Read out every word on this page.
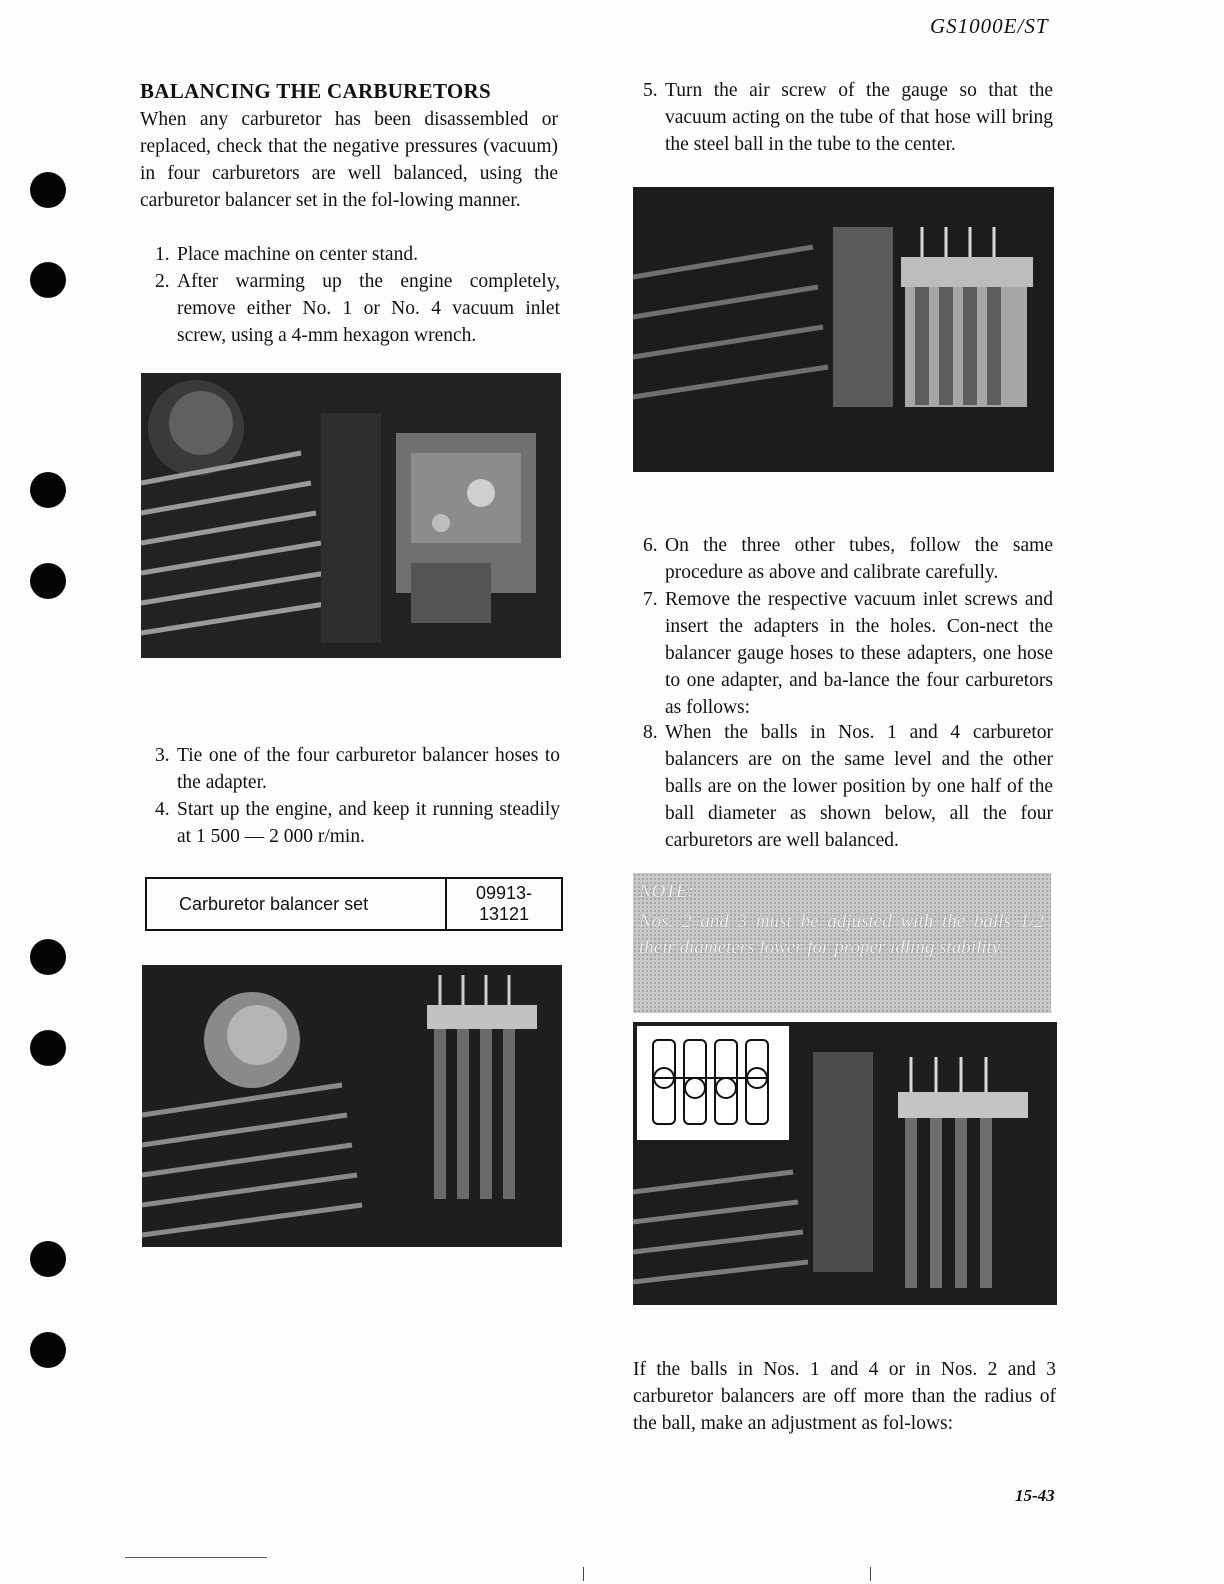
GS1000E/ST
BALANCING THE CARBURETORS
When any carburetor has been disassembled or replaced, check that the negative pressures (vacuum) in four carburetors are well balanced, using the carburetor balancer set in the fol-lowing manner.
1. Place machine on center stand.
2. After warming up the engine completely, remove either No. 1 or No. 4 vacuum inlet screw, using a 4-mm hexagon wrench.
3. Tie one of the four carburetor balancer hoses to the adapter.
4. Start up the engine, and keep it running steadily at 1 500 — 2 000 r/min.
Carburetor balancer set	09913-13121
5. Turn the air screw of the gauge so that the vacuum acting on the tube of that hose will bring the steel ball in the tube to the center.
6. On the three other tubes, follow the same procedure as above and calibrate carefully.
7. Remove the respective vacuum inlet screws and insert the adapters in the holes. Con-nect the balancer gauge hoses to these adapters, one hose to one adapter, and ba-lance the four carburetors as follows:
8. When the balls in Nos. 1 and 4 carburetor balancers are on the same level and the other balls are on the lower position by one half of the ball diameter as shown below, all the four carburetors are well balanced.
NOTE:
Nos. 2 and 3 must be adjusted with the balls 1/2 their diameters lower for proper idling stability.
If the balls in Nos. 1 and 4 or in Nos. 2 and 3 carburetor balancers are off more than the radius of the ball, make an adjustment as fol-lows:
15-43
